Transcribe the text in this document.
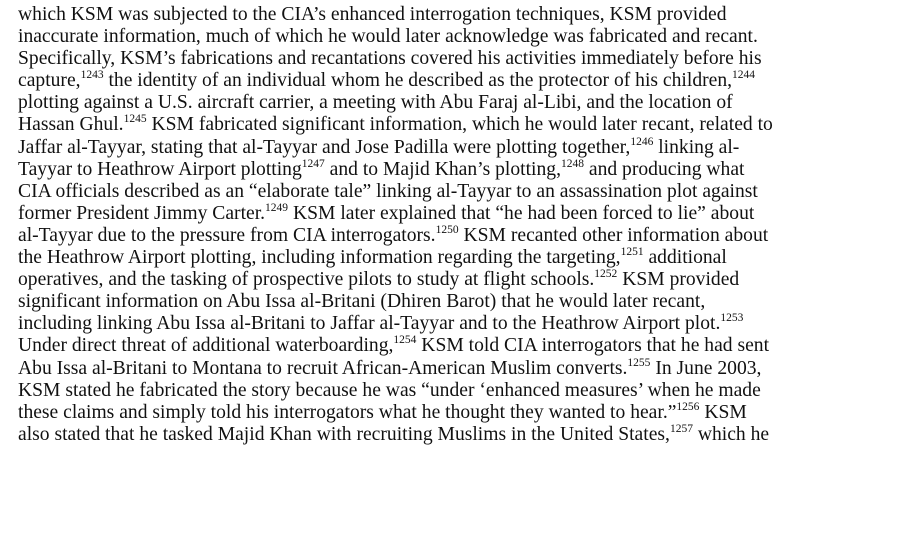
which KSM was subjected to the CIA’s enhanced interrogation techniques, KSM provided
inaccurate information, much of which he would later acknowledge was fabricated and recant.
Specifically, KSM’s fabrications and recantations covered his activities immediately before his
capture,$^{1243}$ the identity of an individual whom he described as the protector of his children,$^{1244}$
plotting against a U.S. aircraft carrier, a meeting with Abu Faraj al-Libi, and the location of
Hassan Ghul.$^{1245}$ KSM fabricated significant information, which he would later recant, related to
Jaffar al-Tayyar, stating that al-Tayyar and Jose Padilla were plotting together,$^{1246}$ linking al-
Tayyar to Heathrow Airport plotting$^{1247}$ and to Majid Khan’s plotting,$^{1248}$ and producing what
CIA officials described as an “elaborate tale” linking al-Tayyar to an assassination plot against
former President Jimmy Carter.$^{1249}$ KSM later explained that “he had been forced to lie” about
al-Tayyar due to the pressure from CIA interrogators.$^{1250}$ KSM recanted other information about
the Heathrow Airport plotting, including information regarding the targeting,$^{1251}$ additional
operatives, and the tasking of prospective pilots to study at flight schools.$^{1252}$ KSM provided
significant information on Abu Issa al-Britani (Dhiren Barot) that he would later recant,
including linking Abu Issa al-Britani to Jaffar al-Tayyar and to the Heathrow Airport plot.$^{1253}$
Under direct threat of additional waterboarding,$^{1254}$ KSM told CIA interrogators that he had sent
Abu Issa al-Britani to Montana to recruit African-American Muslim converts.$^{1255}$ In June 2003,
KSM stated he fabricated the story because he was “under ‘enhanced measures’ when he made
these claims and simply told his interrogators what he thought they wanted to hear.”$^{1256}$ KSM
also stated that he tasked Majid Khan with recruiting Muslims in the United States,$^{1257}$ which he
